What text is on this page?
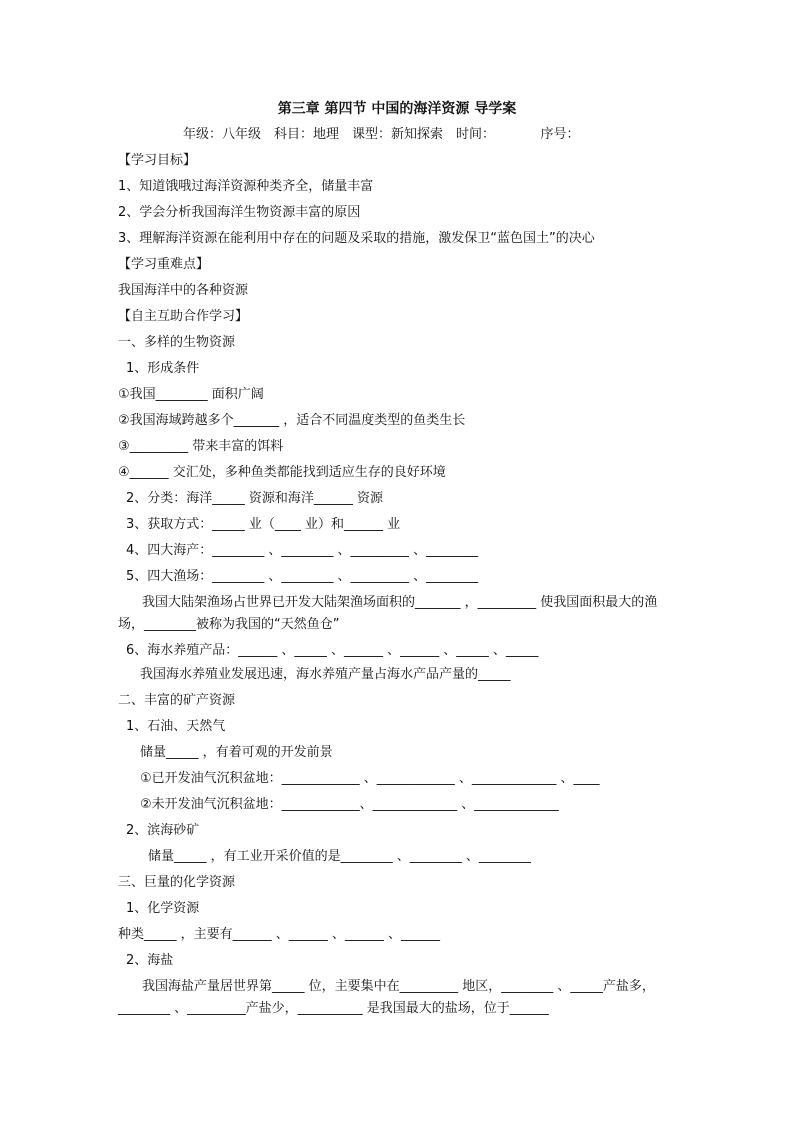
第三章 第四节 中国的海洋资源 导学案
年级：八年级　科目：地理　课型：新知探索　时间：　　　　序号：
【学习目标】
1、知道饿哦过海洋资源种类齐全，储量丰富
2、学会分析我国海洋生物资源丰富的原因
3、理解海洋资源在能利用中存在的问题及采取的措施，激发保卫“蓝色国土”的决心
【学习重难点】
我国海洋中的各种资源
【自主互助合作学习】
一、多样的生物资源
1、形成条件
①我国________ 面积广阔
②我国海域跨越多个_______ ，适合不同温度类型的鱼类生长
③_________ 带来丰富的饵料
④______ 交汇处，多种鱼类都能找到适应生存的良好环境
2、分类：海洋_____ 资源和海洋______ 资源
3、获取方式：_____ 业（____ 业）和______ 业
4、四大海产：________ 、________ 、_________ 、________
5、四大渔场：________ 、________ 、_________ 、________
我国大陆架渔场占世界已开发大陆架渔场面积的_______ ，_________ 使我国面积最大的渔场，________被称为我国的“天然鱼仓”
6、海水养殖产品：______ 、_____ 、______ 、______ 、_____ 、_____
我国海水养殖业发展迅速，海水养殖产量占海水产品产量的_____
二、丰富的矿产资源
1、石油、天然气
储量_____ ，有着可观的开发前景
①已开发油气沉积盆地：____________ 、____________ 、_____________ 、____
②未开发油气沉积盆地：____________、_____________ 、_____________
2、滨海砂矿
储量_____ ，有工业开采价值的是________ 、________ 、________
三、巨量的化学资源
1、化学资源
种类_____ ，主要有______ 、______ 、______ 、______
2、海盐
我国海盐产量居世界第_____ 位，主要集中在_________ 地区，________ 、_____产盐多，________ 、_________产盐少，__________ 是我国最大的盐场，位于______
